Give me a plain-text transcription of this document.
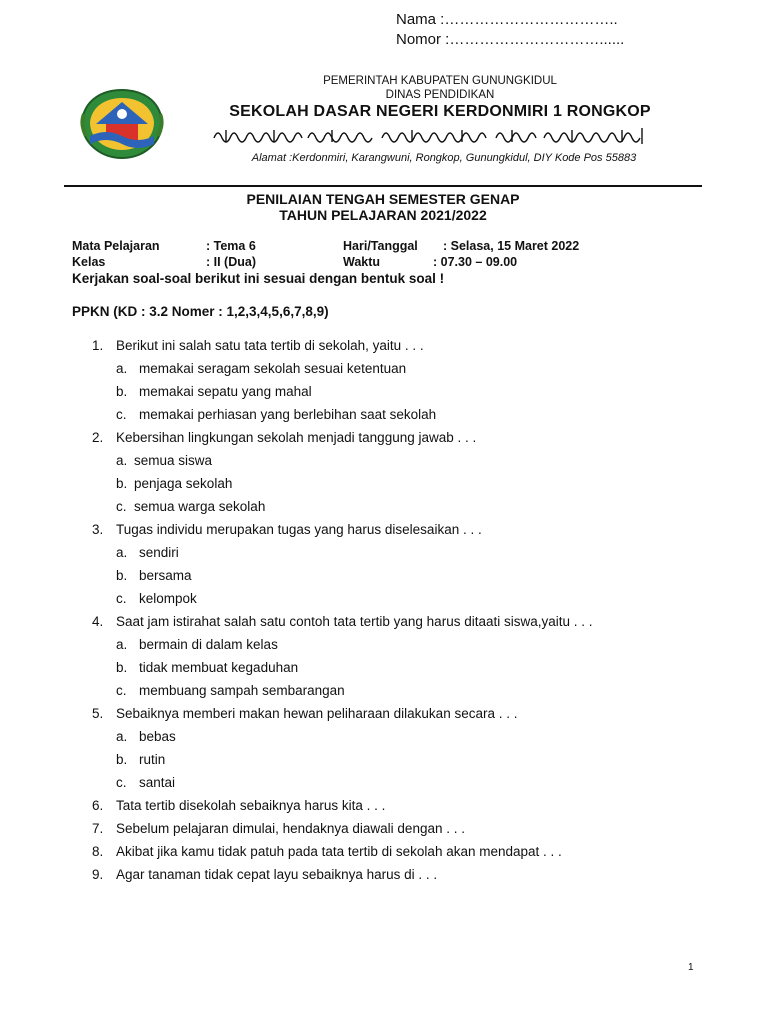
Nama :……………………………..
Nomor :…………………………......
PEMERINTAH KABUPATEN GUNUNGKIDUL
DINAS PENDIDIKAN
SEKOLAH DASAR NEGERI KERDONMIRI 1 RONGKOP
Alamat :Kerdonmiri, Karangwuni, Rongkop, Gunungkidul, DIY Kode Pos 55883
PENILAIAN TENGAH SEMESTER GENAP
TAHUN PELAJARAN 2021/2022
Mata Pelajaran	: Tema 6	Hari/Tanggal : Selasa, 15 Maret 2022
Kelas	: II (Dua)	Waktu	: 07.30 – 09.00
Kerjakan soal-soal berikut ini sesuai dengan bentuk soal !
PPKN (KD : 3.2 Nomer : 1,2,3,4,5,6,7,8,9)
1. Berikut ini salah satu tata tertib di sekolah, yaitu . . .
a. memakai seragam sekolah sesuai ketentuan
b. memakai sepatu yang mahal
c. memakai perhiasan yang berlebihan saat sekolah
2. Kebersihan lingkungan sekolah menjadi tanggung jawab . . .
a. semua siswa
b. penjaga sekolah
c. semua warga sekolah
3. Tugas individu merupakan tugas yang harus diselesaikan . . .
a. sendiri
b. bersama
c. kelompok
4. Saat jam istirahat salah satu contoh tata tertib yang harus ditaati siswa,yaitu . . .
a. bermain di dalam kelas
b. tidak membuat kegaduhan
c. membuang sampah sembarangan
5. Sebaiknya memberi makan hewan peliharaan dilakukan secara . . .
a. bebas
b. rutin
c. santai
6. Tata tertib disekolah sebaiknya harus kita . . .
7. Sebelum pelajaran dimulai, hendaknya diawali dengan . . .
8. Akibat jika kamu tidak patuh pada tata tertib di sekolah akan mendapat . . .
9. Agar tanaman tidak cepat layu sebaiknya harus di . . .
1
